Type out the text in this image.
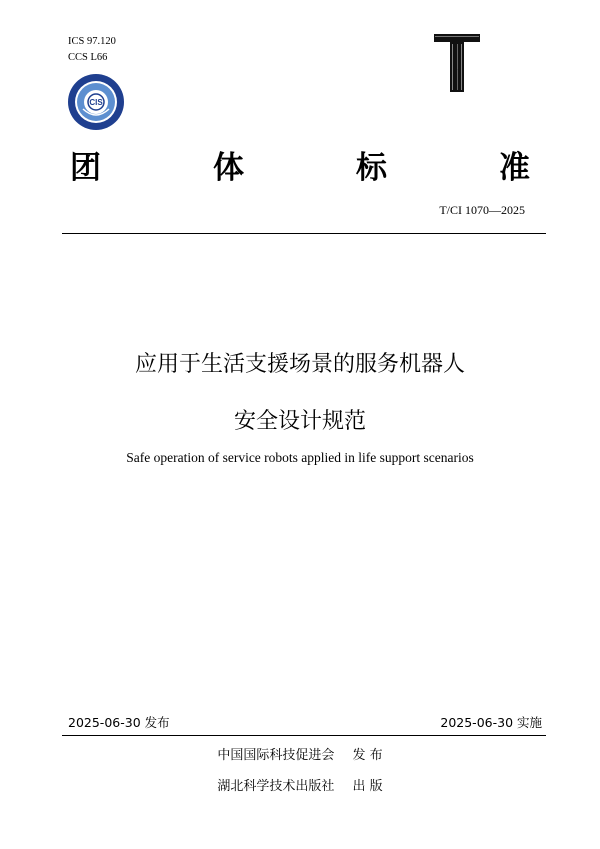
ICS 97.120
CCS L66
CIS
T
团	体	标	准
T/CI 1070—2025
应用于生活支援场景的服务机器人
安全设计规范
Safe operation of service robots applied in life support scenarios
2025-06-30 发布	2025-06-30 实施
中国国际科技促进会 发 布
湖北科学技术出版社 出 版
